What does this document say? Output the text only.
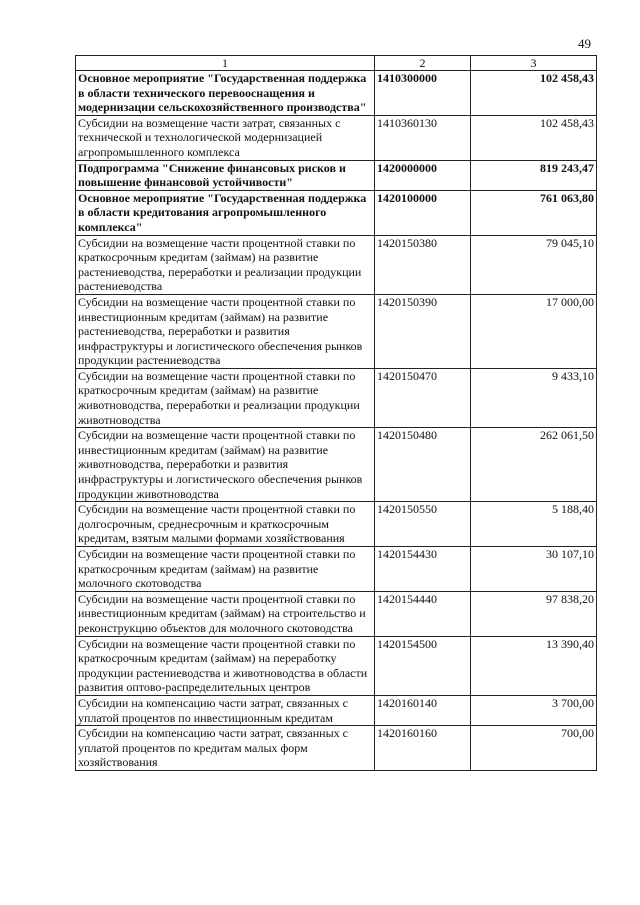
49
1	2	3
Основное мероприятие "Государственная поддержка в области технического перевооснащения и модернизации сельскохозяйственного производства"	1410300000	102 458,43
Субсидии на возмещение части затрат, связанных с технической и технологической модернизацией агропромышленного комплекса	1410360130	102 458,43
Подпрограмма "Снижение финансовых рисков и повышение финансовой устойчивости"	1420000000	819 243,47
Основное мероприятие "Государственная поддержка в области кредитования агропромышленного комплекса"	1420100000	761 063,80
Субсидии на возмещение части процентной ставки по краткосрочным кредитам (займам) на развитие растениеводства, переработки и реализации продукции растениеводства	1420150380	79 045,10
Субсидии на возмещение части процентной ставки по инвестиционным кредитам (займам) на развитие растениеводства, переработки и развития инфраструктуры и логистического обеспечения рынков продукции растениеводства	1420150390	17 000,00
Субсидии на возмещение части процентной ставки по краткосрочным кредитам (займам) на развитие животноводства, переработки и реализации продукции животноводства	1420150470	9 433,10
Субсидии на возмещение части процентной ставки по инвестиционным кредитам (займам) на развитие животноводства, переработки и развития инфраструктуры и логистического обеспечения рынков продукции животноводства	1420150480	262 061,50
Субсидии на возмещение части процентной ставки по долгосрочным, среднесрочным и краткосрочным кредитам, взятым малыми формами хозяйствования	1420150550	5 188,40
Субсидии на возмещение части процентной ставки по краткосрочным кредитам (займам) на развитие молочного скотоводства	1420154430	30 107,10
Субсидии на возмещение части процентной ставки по инвестиционным кредитам (займам) на строительство и реконструкцию объектов для молочного скотоводства	1420154440	97 838,20
Субсидии на возмещение части процентной ставки по краткосрочным кредитам (займам) на переработку продукции растениеводства и животноводства в области развития оптово-распределительных центров	1420154500	13 390,40
Субсидии на компенсацию части затрат, связанных с уплатой процентов по инвестиционным кредитам	1420160140	3 700,00
Субсидии на компенсацию части затрат, связанных с уплатой процентов по кредитам малых форм хозяйствования	1420160160	700,00
